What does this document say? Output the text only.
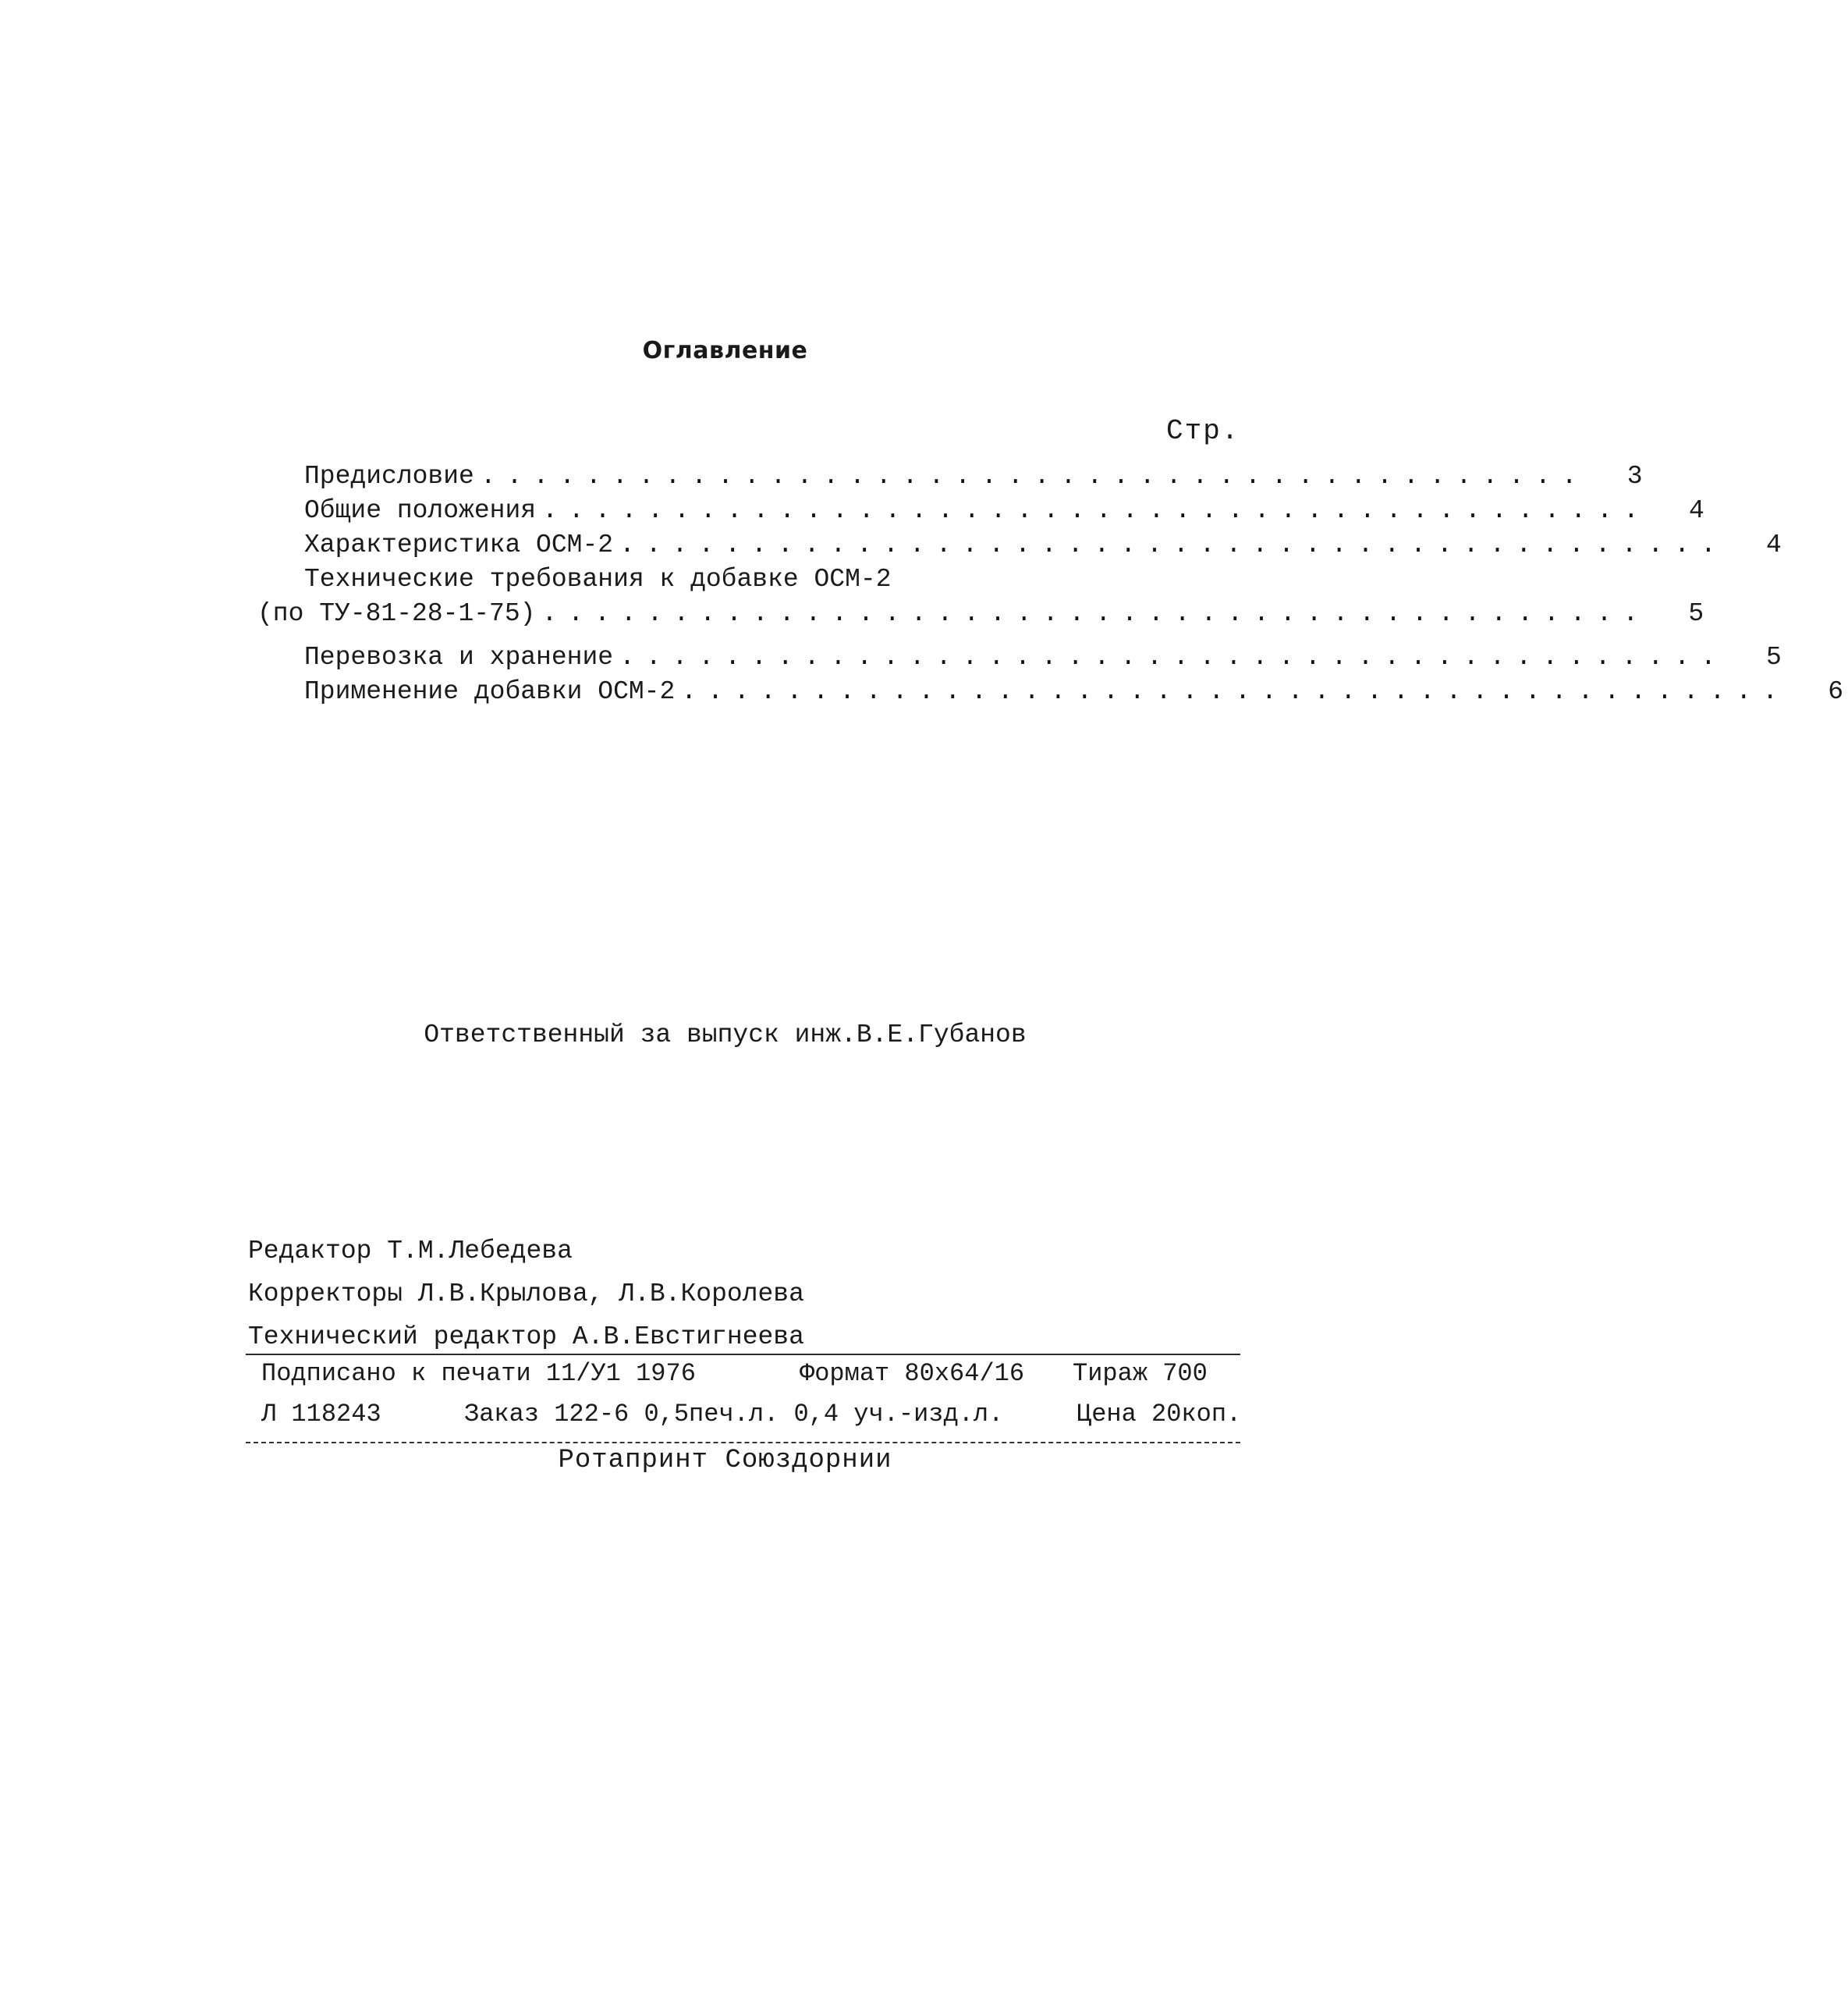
Оглавление
Стр.
Предисловие ..........................................	3
Общие положения ..........................................	4
Характеристика ОСМ-2 ..........................................	4
Технические требования к добавке ОСМ-2
(по ТУ-81-28-1-75) ..........................................	5
Перевозка и хранение ..........................................	5
Применение добавки ОСМ-2 ..........................................	6
Ответственный за выпуск инж.В.Е.Губанов
Редактор Т.М.Лебедева
Корректоры Л.В.Крылова, Л.В.Королева
Технический редактор А.В.Евстигнеева
Подписано к печати 11/У1 1976	Формат 80х64/16 Тираж 700
Л 118243	Заказ 122-6 0,5печ.л. 0,4 уч.-изд.л.	Цена 20коп.
Ротапринт Союздорнии
